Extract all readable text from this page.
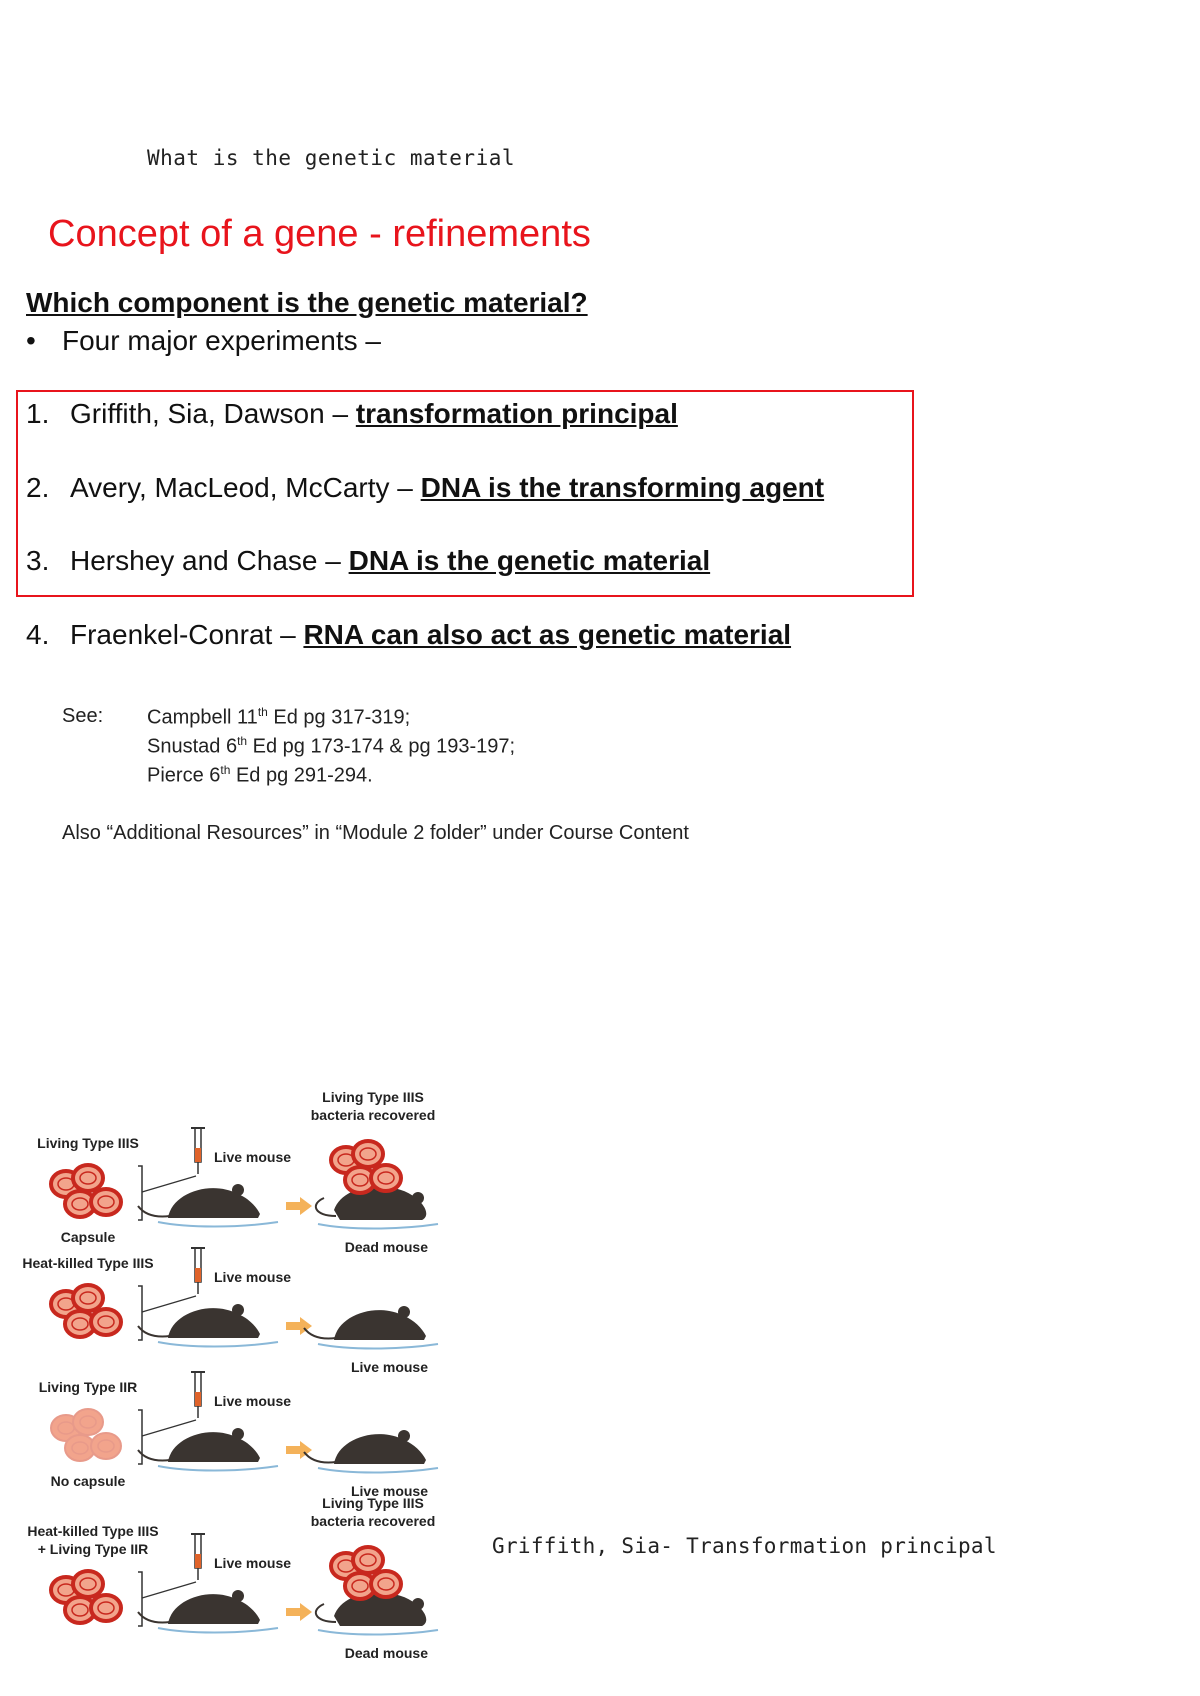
What is the genetic material
Concept of a gene - refinements
Which component is the genetic material?
• Four major experiments –
1. Griffith, Sia, Dawson – transformation principal
2. Avery, MacLeod, McCarty – DNA is the transforming agent
3. Hershey and Chase – DNA is the genetic material
4. Fraenkel-Conrat – RNA can also act as genetic material
See: Campbell 11th Ed pg 317-319;
Snustad 6th Ed pg 173-174 & pg 193-197;
Pierce 6th Ed pg 291-294.
Also “Additional Resources” in “Module 2 folder” under Course Content
Living Type IIIS
Capsule
Live mouse
Living Type IIIS
bacteria recovered
Dead mouse
Heat-killed Type IIIS
Live mouse
Live mouse
Living Type IIR
No capsule
Live mouse
Live mouse
Heat-killed Type IIIS
+ Living Type IIR
Live mouse
Living Type IIIS
bacteria recovered
Dead mouse
Griffith, Sia- Transformation principal
